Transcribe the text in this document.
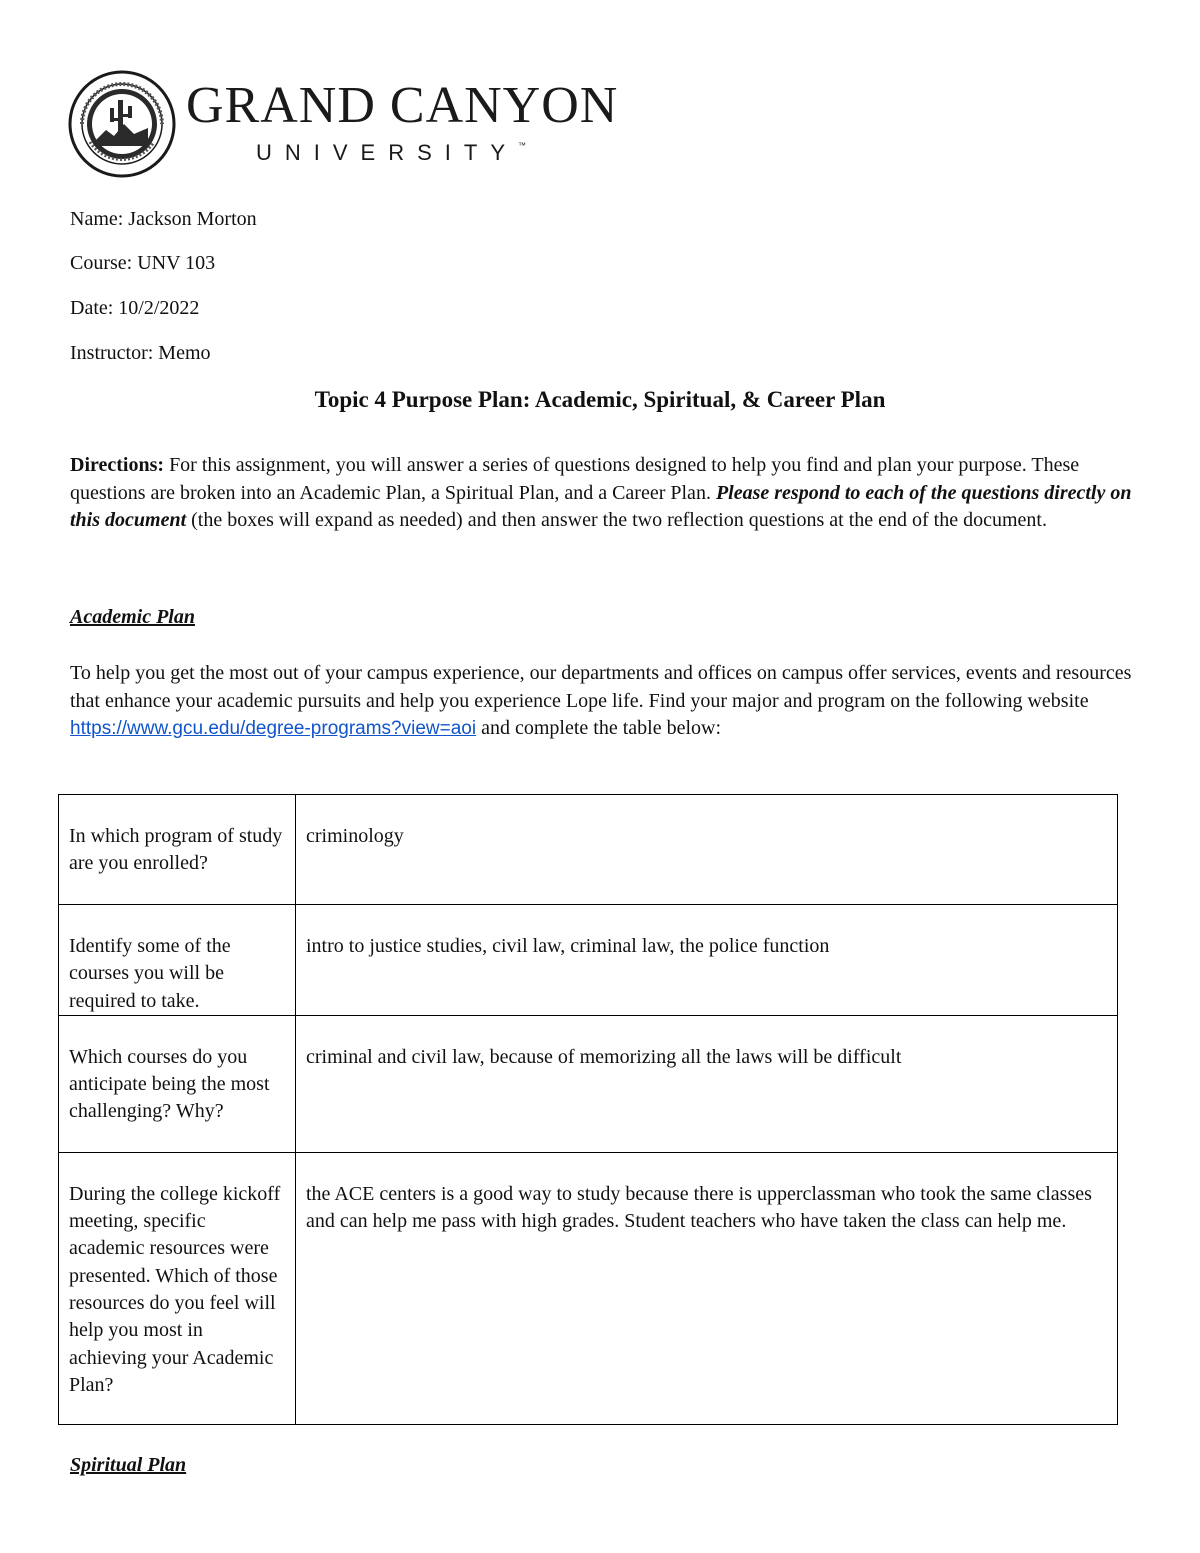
GRAND CANYON
UNIVERSITY™
Name: Jackson Morton
Course: UNV 103
Date: 10/2/2022
Instructor: Memo
Topic 4 Purpose Plan: Academic, Spiritual, & Career Plan
Directions: For this assignment, you will answer a series of questions designed to help you find and plan your purpose. These questions are broken into an Academic Plan, a Spiritual Plan, and a Career Plan. Please respond to each of the questions directly on this document (the boxes will expand as needed) and then answer the two reflection questions at the end of the document.
Academic Plan
To help you get the most out of your campus experience, our departments and offices on campus offer services, events and resources that enhance your academic pursuits and help you experience Lope life. Find your major and program on the following website https://www.gcu.edu/degree-programs?view=aoi and complete the table below:
In which program of study are you enrolled?	criminology
Identify some of the courses you will be required to take.	intro to justice studies, civil law, criminal law, the police function
Which courses do you anticipate being the most challenging? Why?	criminal and civil law, because of memorizing all the laws will be difficult
During the college kickoff meeting, specific academic resources were presented. Which of those resources do you feel will help you most in achieving your Academic Plan?	the ACE centers is a good way to study because there is upperclassman who took the same classes and can help me pass with high grades. Student teachers who have taken the class can help me.
Spiritual Plan
